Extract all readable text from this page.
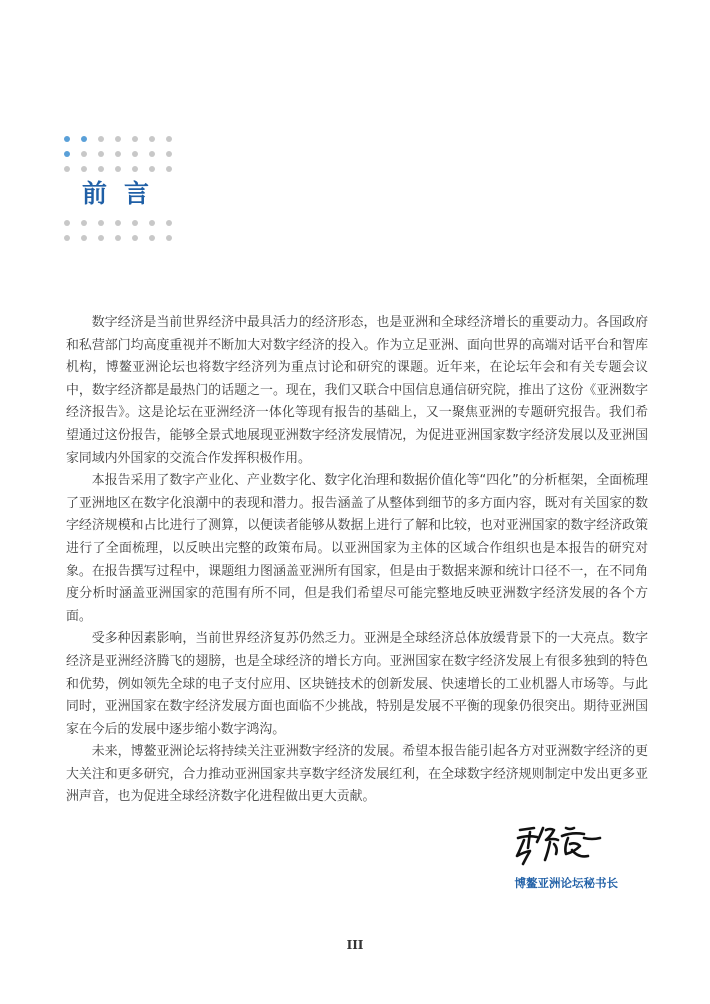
前言

数字经济是当前世界经济中最具活力的经济形态，也是亚洲和全球经济增长的重要动力。各国政府和私营部门均高度重视并不断加大对数字经济的投入。作为立足亚洲、面向世界的高端对话平台和智库机构，博鳌亚洲论坛也将数字经济列为重点讨论和研究的课题。近年来，在论坛年会和有关专题会议中，数字经济都是最热门的话题之一。现在，我们又联合中国信息通信研究院，推出了这份《亚洲数字经济报告》。这是论坛在亚洲经济一体化等现有报告的基础上，又一聚焦亚洲的专题研究报告。我们希望通过这份报告，能够全景式地展现亚洲数字经济发展情况，为促进亚洲国家数字经济发展以及亚洲国家同域内外国家的交流合作发挥积极作用。

本报告采用了数字产业化、产业数字化、数字化治理和数据价值化等“四化”的分析框架，全面梳理了亚洲地区在数字化浪潮中的表现和潜力。报告涵盖了从整体到细节的多方面内容，既对有关国家的数字经济规模和占比进行了测算，以便读者能够从数据上进行了解和比较，也对亚洲国家的数字经济政策进行了全面梳理，以反映出完整的政策布局。以亚洲国家为主体的区域合作组织也是本报告的研究对象。在报告撰写过程中，课题组力图涵盖亚洲所有国家，但是由于数据来源和统计口径不一，在不同角度分析时涵盖亚洲国家的范围有所不同，但是我们希望尽可能完整地反映亚洲数字经济发展的各个方面。

受多种因素影响，当前世界经济复苏仍然乏力。亚洲是全球经济总体放缓背景下的一大亮点。数字经济是亚洲经济腾飞的翅膀，也是全球经济的增长方向。亚洲国家在数字经济发展上有很多独到的特色和优势，例如领先全球的电子支付应用、区块链技术的创新发展、快速增长的工业机器人市场等。与此同时，亚洲国家在数字经济发展方面也面临不少挑战，特别是发展不平衡的现象仍很突出。期待亚洲国家在今后的发展中逐步缩小数字鸿沟。

未来，博鳌亚洲论坛将持续关注亚洲数字经济的发展。希望本报告能引起各方对亚洲数字经济的更大关注和更多研究，合力推动亚洲国家共享数字经济发展红利，在全球数字经济规则制定中发出更多亚洲声音，也为促进全球经济数字化进程做出更大贡献。

博鳌亚洲论坛秘书长
III
